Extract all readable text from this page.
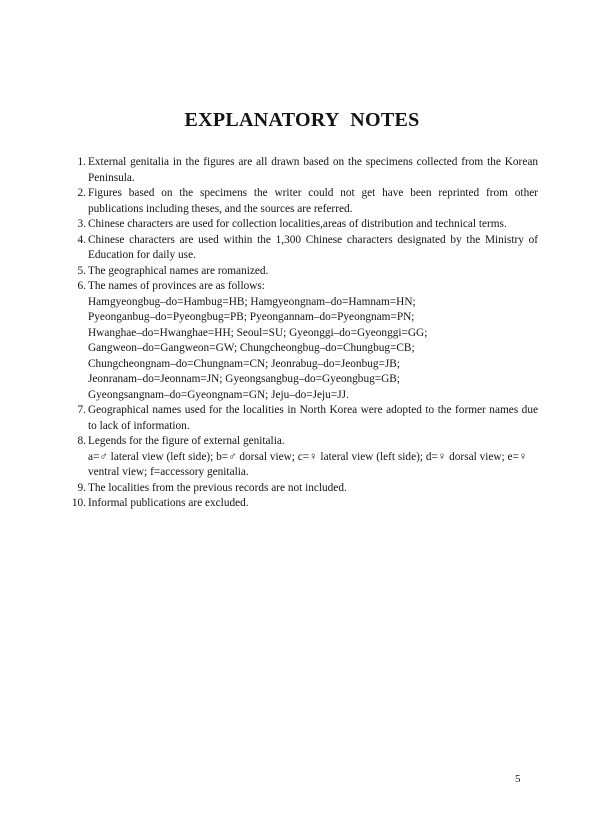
EXPLANATORY NOTES
1. External genitalia in the figures are all drawn based on the specimens collected from the Korean Peninsula.
2. Figures based on the specimens the writer could not get have been reprinted from other publications including theses, and the sources are referred.
3. Chinese characters are used for collection localities,areas of distribution and technical terms.
4. Chinese characters are used within the 1,300 Chinese characters designated by the Ministry of Education for daily use.
5. The geographical names are romanized.
6. The names of provinces are as follows:
Hamgyeongbug–do=Hambug=HB; Hamgyeongnam–do=Hamnam=HN;
Pyeonganbug–do=Pyeongbug=PB; Pyeongannam–do=Pyeongnam=PN;
Hwanghae–do=Hwanghae=HH; Seoul=SU; Gyeonggi–do=Gyeonggi=GG;
Gangweon–do=Gangweon=GW; Chungcheongbug–do=Chungbug=CB;
Chungcheongnam–do=Chungnam=CN; Jeonrabug–do=Jeonbug=JB;
Jeonranam–do=Jeonnam=JN; Gyeongsangbug–do=Gyeongbug=GB;
Gyeongsangnam–do=Gyeongnam=GN; Jeju–do=Jeju=JJ.
7. Geographical names used for the localities in North Korea were adopted to the former names due to lack of information.
8. Legends for the figure of external genitalia.
a=♂ lateral view (left side); b=♂ dorsal view; c=♀ lateral view (left side); d=♀ dorsal view; e=♀ ventral view; f=accessory genitalia.
9. The localities from the previous records are not included.
10. Informal publications are excluded.
5
